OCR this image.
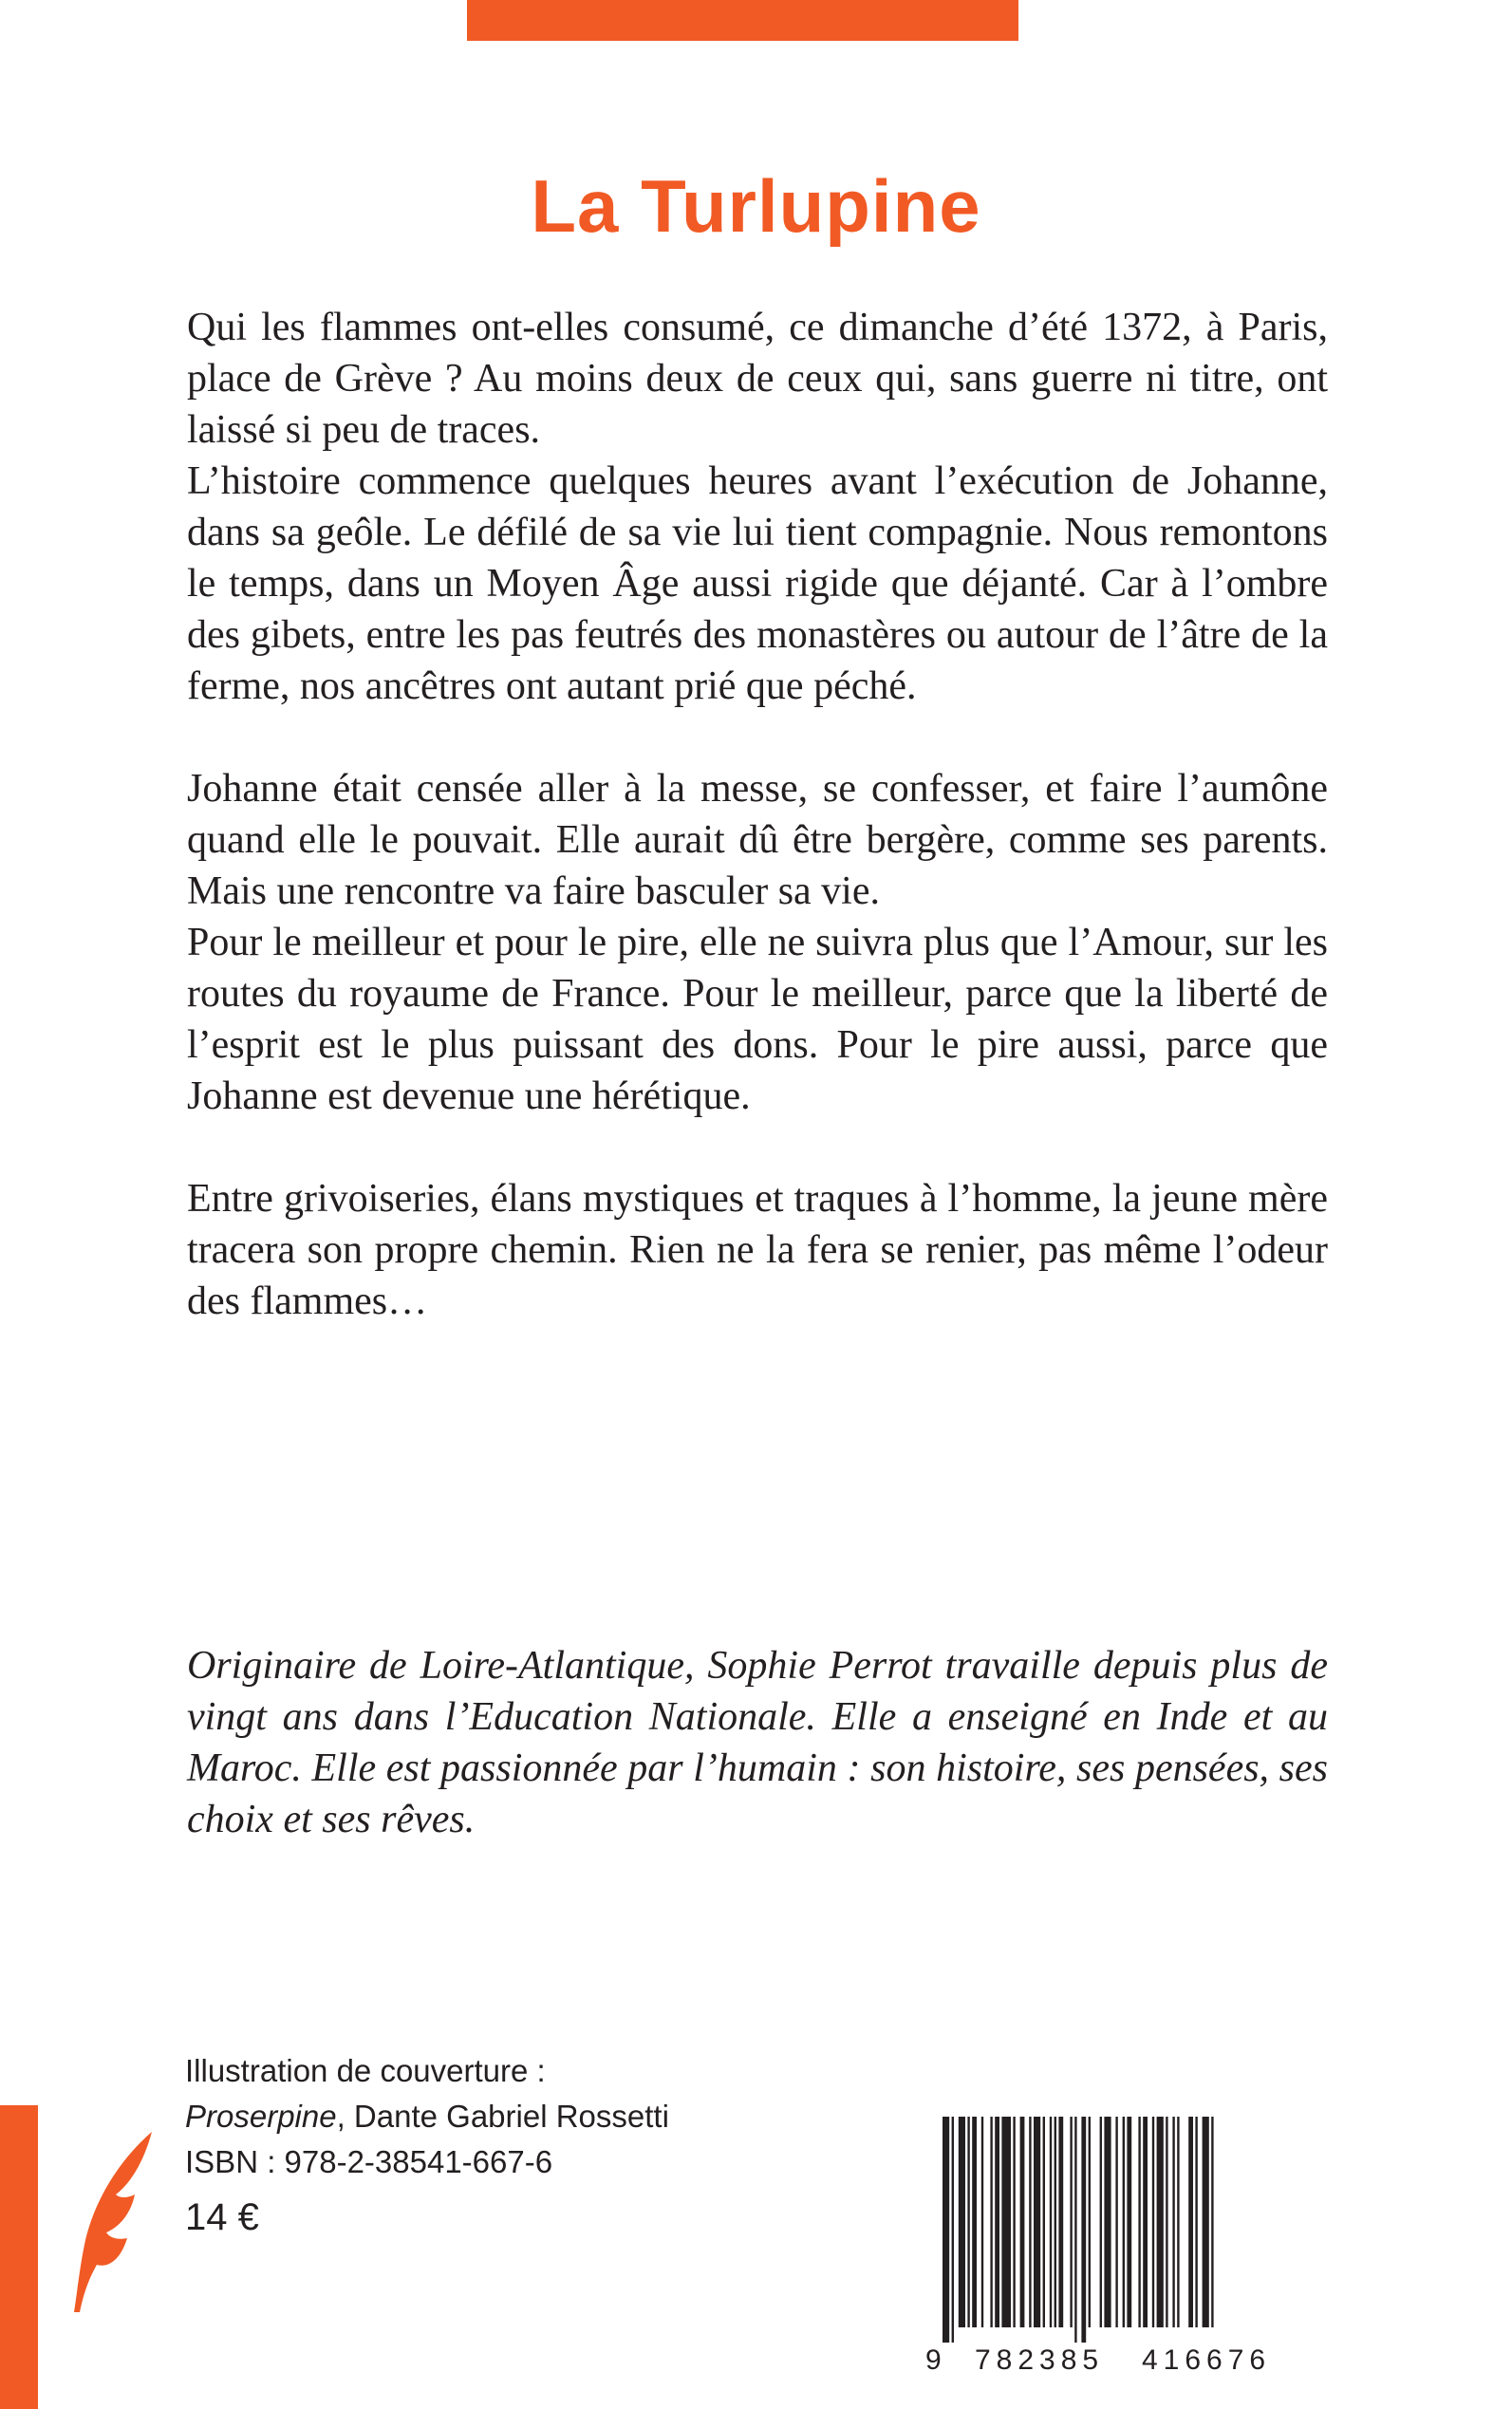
La Turlupine

Qui les flammes ont-elles consumé, ce dimanche d’été 1372, à Paris, place de Grève ? Au moins deux de ceux qui, sans guerre ni titre, ont laissé si peu de traces.

L’histoire commence quelques heures avant l’exécution de Johanne, dans sa geôle. Le défilé de sa vie lui tient compagnie. Nous remontons le temps, dans un Moyen Âge aussi rigide que déjanté. Car à l’ombre des gibets, entre les pas feutrés des monastères ou autour de l’âtre de la ferme, nos ancêtres ont autant prié que péché.

Johanne était censée aller à la messe, se confesser, et faire l’aumône quand elle le pouvait. Elle aurait dû être bergère, comme ses parents. Mais une rencontre va faire basculer sa vie.

Pour le meilleur et pour le pire, elle ne suivra plus que l’Amour, sur les routes du royaume de France. Pour le meilleur, parce que la liberté de l’esprit est le plus puissant des dons. Pour le pire aussi, parce que Johanne est devenue une hérétique.

Entre grivoiseries, élans mystiques et traques à l’homme, la jeune mère tracera son propre chemin. Rien ne la fera se renier, pas même l’odeur des flammes…

Originaire de Loire-Atlantique, Sophie Perrot travaille depuis plus de vingt ans dans l’Education Nationale. Elle a enseigné en Inde et au Maroc. Elle est passionnée par l’humain : son histoire, ses pensées, ses choix et ses rêves.

Illustration de couverture :
Proserpine, Dante Gabriel Rossetti
ISBN : 978-2-38541-667-6
14 €
9 782385 416676
